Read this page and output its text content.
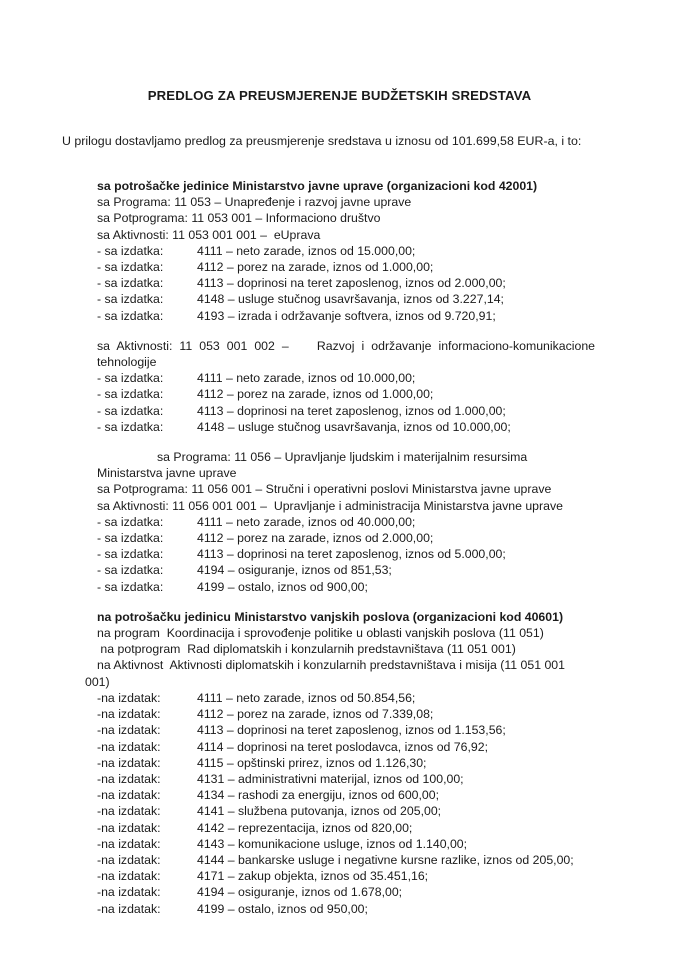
PREDLOG ZA PREUSMJERENJE BUDŽETSKIH SREDSTAVA
U prilogu dostavljamo predlog za preusmjerenje sredstava u iznosu od 101.699,58 EUR-a, i to:
sa potrošačke jedinice Ministarstvo javne uprave (organizacioni kod 42001)
sa Programa: 11 053 – Unapređenje i razvoj javne uprave
sa Potprograma: 11 053 001 – Informaciono društvo
sa Aktivnosti: 11 053 001 001 –  eUprava
- sa izdatka:	4111 – neto zarade, iznos od 15.000,00;
- sa izdatka:	4112 – porez na zarade, iznos od 1.000,00;
- sa izdatka:	4113 – doprinosi na teret zaposlenog, iznos od 2.000,00;
- sa izdatka:	4148 – usluge stučnog usavršavanja, iznos od 3.227,14;
- sa izdatka:	4193 – izrada i održavanje softvera, iznos od 9.720,91;
sa Aktivnosti: 11 053 001 002 –    Razvoj i održavanje informaciono-komunikacione tehnologije
- sa izdatka:	4111 – neto zarade, iznos od 10.000,00;
- sa izdatka:	4112 – porez na zarade, iznos od 1.000,00;
- sa izdatka:	4113 – doprinosi na teret zaposlenog, iznos od 1.000,00;
- sa izdatka:	4148 – usluge stučnog usavršavanja, iznos od 10.000,00;
sa Programa: 11 056 – Upravljanje ljudskim i materijalnim resursima Ministarstva javne uprave
sa Potprograma: 11 056 001 – Stručni i operativni poslovi Ministarstva javne uprave
sa Aktivnosti: 11 056 001 001 –  Upravljanje i administracija Ministarstva javne uprave
- sa izdatka:	4111 – neto zarade, iznos od 40.000,00;
- sa izdatka:	4112 – porez na zarade, iznos od 2.000,00;
- sa izdatka:	4113 – doprinosi na teret zaposlenog, iznos od 5.000,00;
- sa izdatka:	4194 – osiguranje, iznos od 851,53;
- sa izdatka:	4199 – ostalo, iznos od 900,00;
na potrošačku jedinicu Ministarstvo vanjskih poslova (organizacioni kod 40601)
na program  Koordinacija i sprovođenje politike u oblasti vanjskih poslova (11 051)
na potprogram  Rad diplomatskih i konzularnih predstavništava (11 051 001)
na Aktivnost  Aktivnosti diplomatskih i konzularnih predstavništava i misija (11 051 001
001)
-na izdatak:	4111 – neto zarade, iznos od 50.854,56;
-na izdatak:	4112 – porez na zarade, iznos od 7.339,08;
-na izdatak:	4113 – doprinosi na teret zaposlenog, iznos od 1.153,56;
-na izdatak:	4114 – doprinosi na teret poslodavca, iznos od 76,92;
-na izdatak:	4115 – opštinski prirez, iznos od 1.126,30;
-na izdatak:	4131 – administrativni materijal, iznos od 100,00;
-na izdatak:	4134 – rashodi za energiju, iznos od 600,00;
-na izdatak:	4141 – službena putovanja, iznos od 205,00;
-na izdatak:	4142 – reprezentacija, iznos od 820,00;
-na izdatak:	4143 – komunikacione usluge, iznos od 1.140,00;
-na izdatak:	4144 – bankarske usluge i negativne kursne razlike, iznos od 205,00;
-na izdatak:	4171 – zakup objekta, iznos od 35.451,16;
-na izdatak:	4194 – osiguranje, iznos od 1.678,00;
-na izdatak:	4199 – ostalo, iznos od 950,00;
